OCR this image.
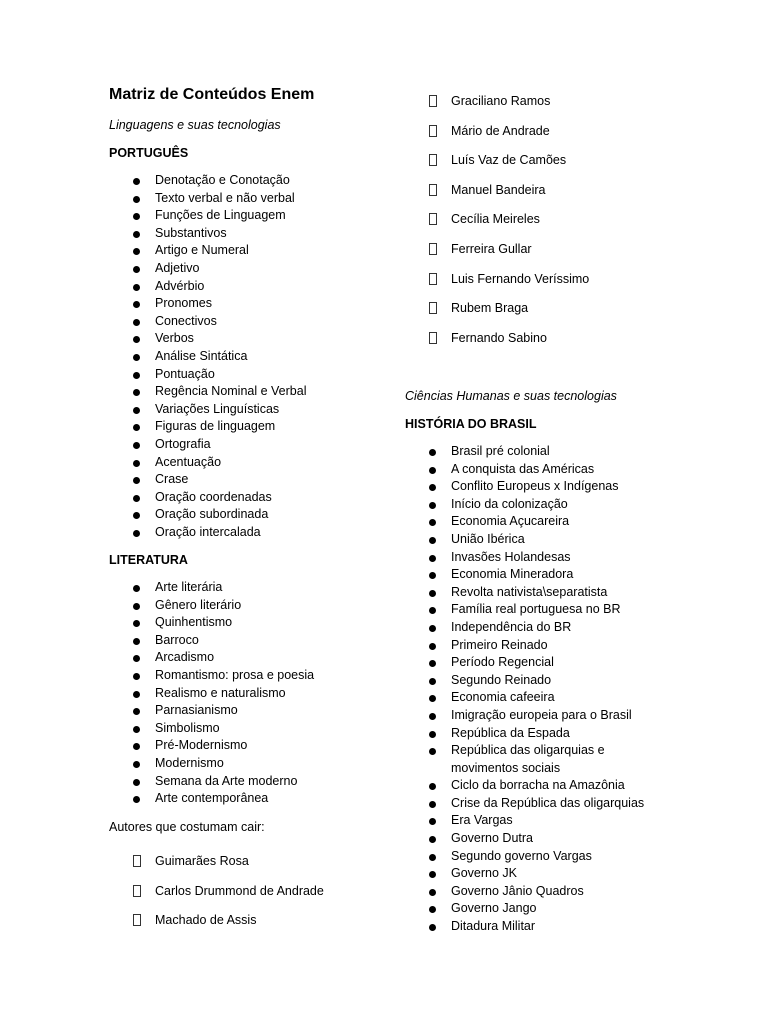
Matriz de Conteúdos Enem
Linguagens e suas tecnologias
PORTUGUÊS
Denotação e Conotação
Texto verbal e não verbal
Funções de Linguagem
Substantivos
Artigo e Numeral
Adjetivo
Advérbio
Pronomes
Conectivos
Verbos
Análise Sintática
Pontuação
Regência Nominal e Verbal
Variações Linguísticas
Figuras de linguagem
Ortografia
Acentuação
Crase
Oração coordenadas
Oração subordinada
Oração intercalada
LITERATURA
Arte literária
Gênero literário
Quinhentismo
Barroco
Arcadismo
Romantismo: prosa e poesia
Realismo e naturalismo
Parnasianismo
Simbolismo
Pré-Modernismo
Modernismo
Semana da Arte moderno
Arte contemporânea
Autores que costumam cair:
Guimarães Rosa
Carlos Drummond de Andrade
Machado de Assis
Graciliano Ramos
Mário de Andrade
Luís Vaz de Camões
Manuel Bandeira
Cecília Meireles
Ferreira Gullar
Luis Fernando Veríssimo
Rubem Braga
Fernando Sabino
Ciências Humanas e suas tecnologias
HISTÓRIA DO BRASIL
Brasil pré colonial
A conquista das Américas
Conflito Europeus x Indígenas
Início da colonização
Economia Açucareira
União Ibérica
Invasões Holandesas
Economia Mineradora
Revolta nativista\separatista
Família real portuguesa no BR
Independência do BR
Primeiro Reinado
Período Regencial
Segundo Reinado
Economia cafeeira
Imigração europeia para o Brasil
República da Espada
República das oligarquias e movimentos sociais
Ciclo da borracha na Amazônia
Crise da República das oligarquias
Era Vargas
Governo Dutra
Segundo governo Vargas
Governo JK
Governo Jânio Quadros
Governo Jango
Ditadura Militar
